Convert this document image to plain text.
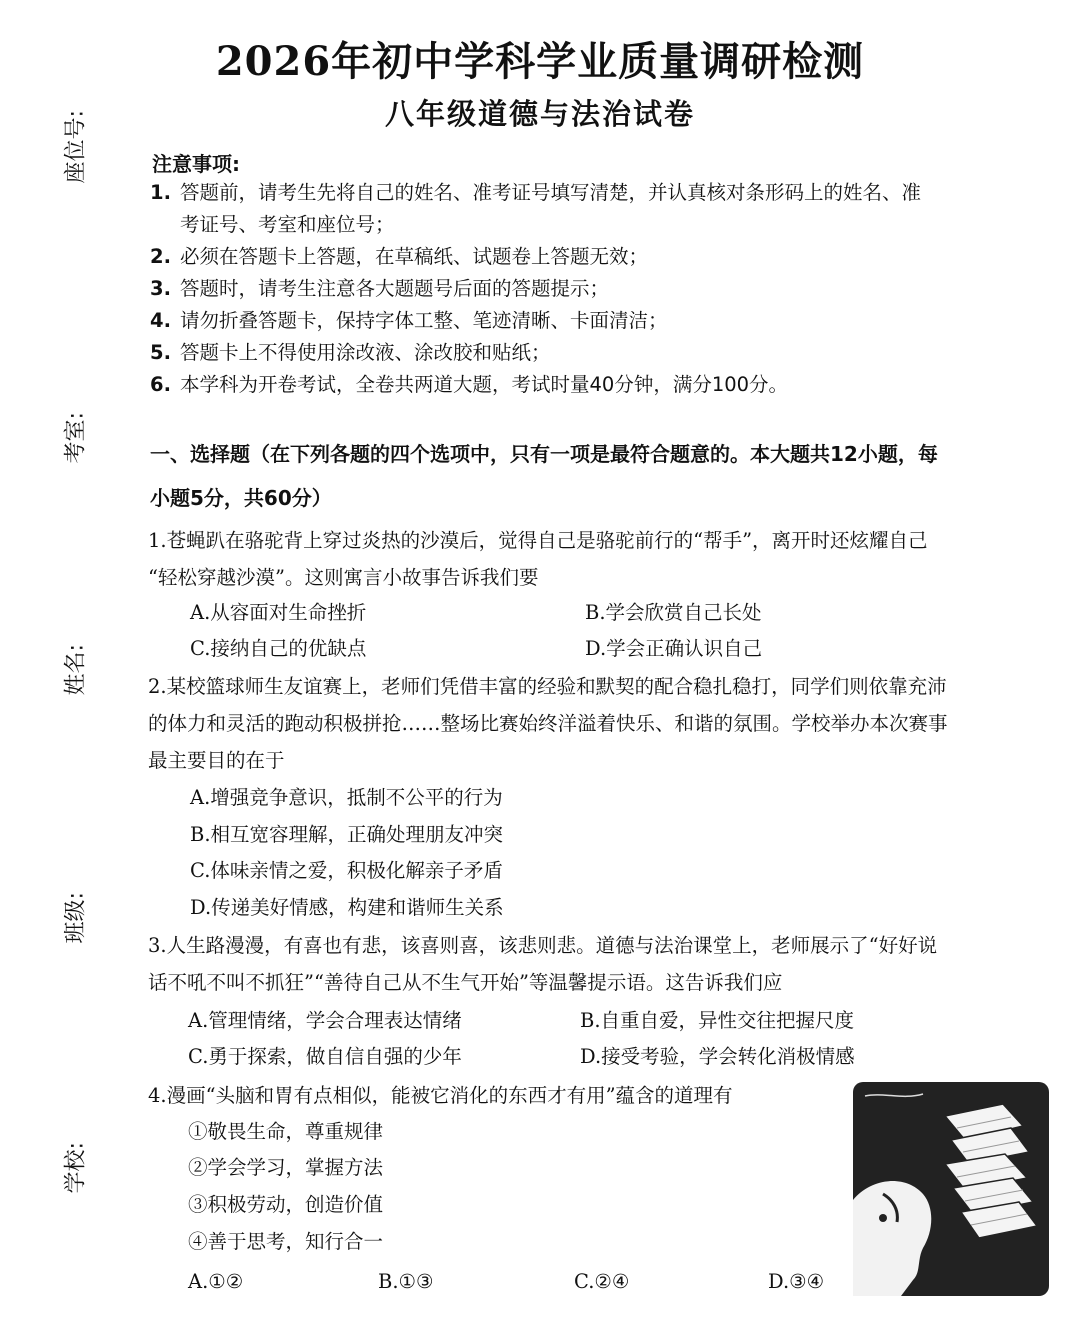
2026年初中学科学业质量调研检测
八年级道德与法治试卷
座位号:
考室:
姓名:
班级:
学校:
注意事项:
1. 答题前，请考生先将自己的姓名、准考证号填写清楚，并认真核对条形码上的姓名、准
考证号、考室和座位号；
2. 必须在答题卡上答题，在草稿纸、试题卷上答题无效；
3. 答题时，请考生注意各大题题号后面的答题提示；
4. 请勿折叠答题卡，保持字体工整、笔迹清晰、卡面清洁；
5. 答题卡上不得使用涂改液、涂改胶和贴纸；
6. 本学科为开卷考试，全卷共两道大题，考试时量40分钟，满分100分。
一、选择题（在下列各题的四个选项中，只有一项是最符合题意的。本大题共12小题，每
小题5分，共60分）
1.苍蝇趴在骆驼背上穿过炎热的沙漠后，觉得自己是骆驼前行的“帮手”，离开时还炫耀自己
“轻松穿越沙漠”。这则寓言小故事告诉我们要
A.从容面对生命挫折	B.学会欣赏自己长处
C.接纳自己的优缺点	D.学会正确认识自己
2.某校篮球师生友谊赛上，老师们凭借丰富的经验和默契的配合稳扎稳打，同学们则依靠充沛
的体力和灵活的跑动积极拼抢……整场比赛始终洋溢着快乐、和谐的氛围。学校举办本次赛事
最主要目的在于
A.增强竞争意识，抵制不公平的行为
B.相互宽容理解，正确处理朋友冲突
C.体味亲情之爱，积极化解亲子矛盾
D.传递美好情感，构建和谐师生关系
3.人生路漫漫，有喜也有悲，该喜则喜，该悲则悲。道德与法治课堂上，老师展示了“好好说
话不吼不叫不抓狂”“善待自己从不生气开始”等温馨提示语。这告诉我们应
A.管理情绪，学会合理表达情绪	B.自重自爱，异性交往把握尺度
C.勇于探索，做自信自强的少年	D.接受考验，学会转化消极情感
4.漫画“头脑和胃有点相似，能被它消化的东西才有用”蕴含的道理有
①敬畏生命，尊重规律
②学会学习，掌握方法
③积极劳动，创造价值
④善于思考，知行合一
A.①②	B.①③	C.②④	D.③④
